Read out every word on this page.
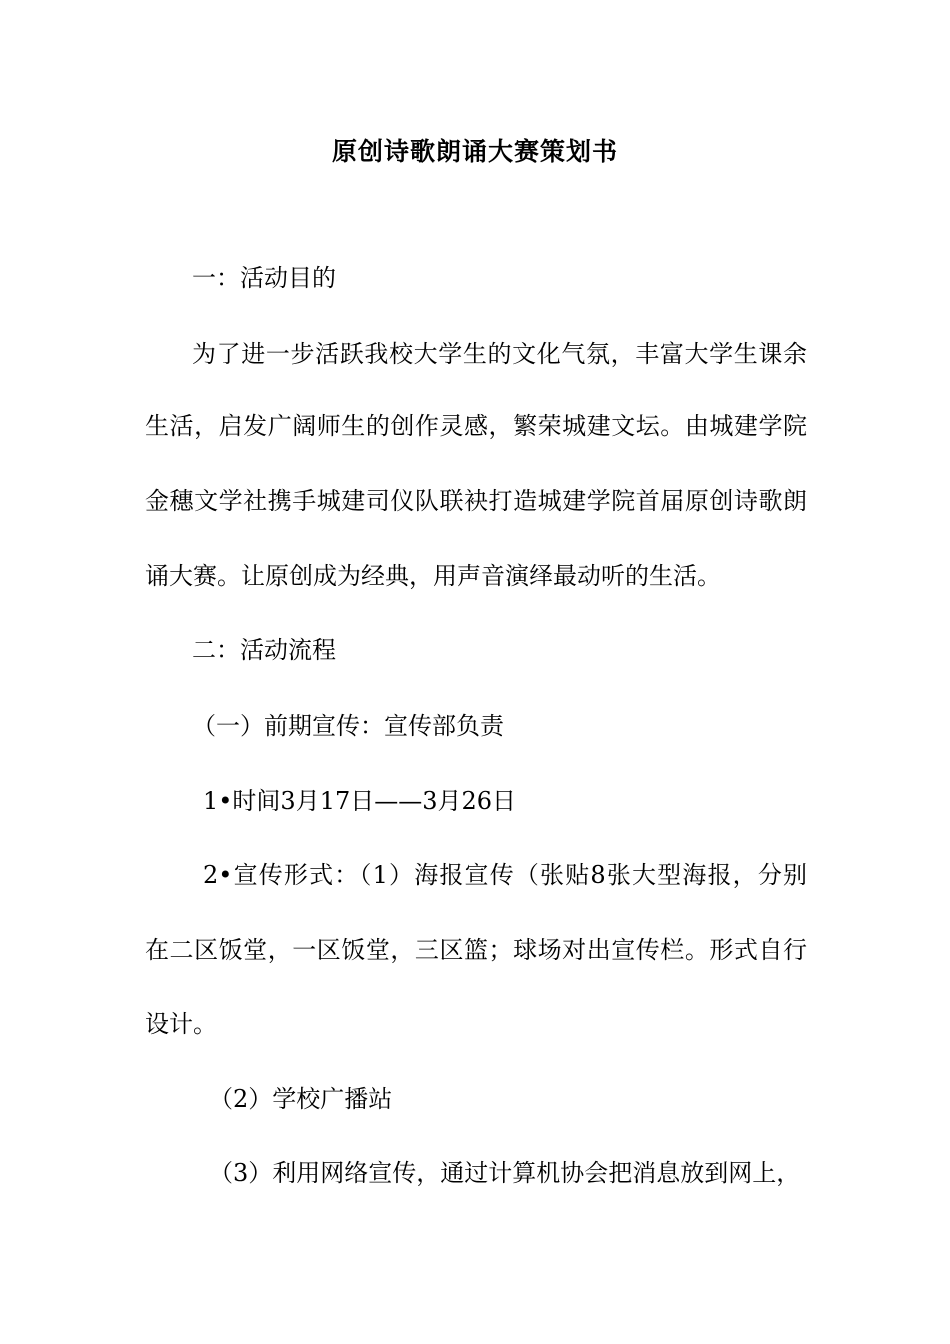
原创诗歌朗诵大赛策划书
一：活动目的
为了进一步活跃我校大学生的文化气氛，丰富大学生课余
生活，启发广阔师生的创作灵感，繁荣城建文坛。由城建学院
金穗文学社携手城建司仪队联袂打造城建学院首届原创诗歌朗
诵大赛。让原创成为经典，用声音演绎最动听的生活。
二：活动流程
（一）前期宣传：宣传部负责
1•时间3月17日——3月26日
2•宣传形式：（1）海报宣传（张贴8张大型海报，分别
在二区饭堂，一区饭堂，三区篮；球场对出宣传栏。形式自行
设计。
（2）学校广播站
（3）利用网络宣传，通过计算机协会把消息放到网上，
